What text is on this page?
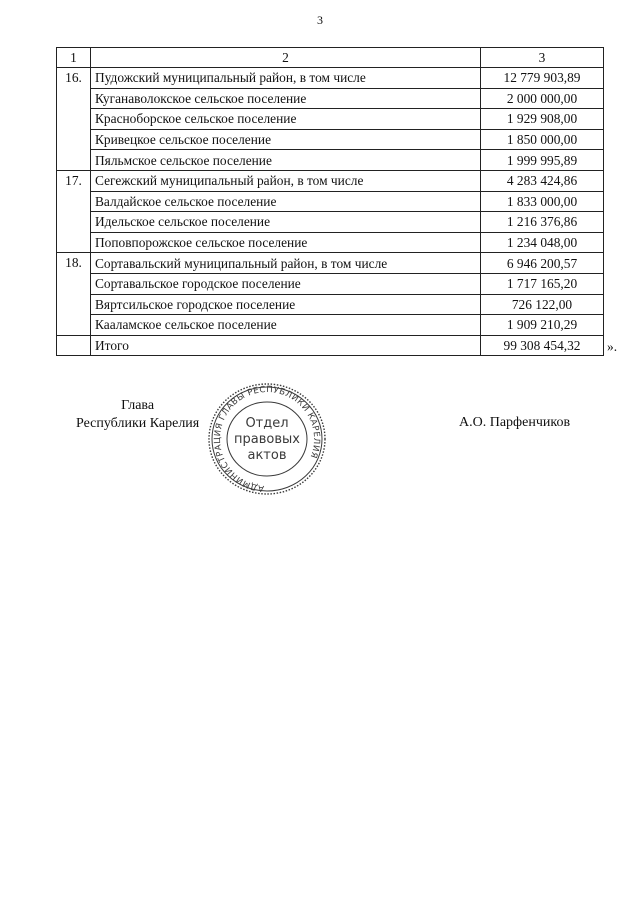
3
1	2	3
16.	Пудожский муниципальный район, в том числе	12 779 903,89
	Куганаволокское сельское поселение	2 000 000,00
	Красноборское сельское поселение	1 929 908,00
	Кривецкое сельское поселение	1 850 000,00
	Пяльмское сельское поселение	1 999 995,89
17.	Сегежский муниципальный район, в том числе	4 283 424,86
	Валдайское сельское поселение	1 833 000,00
	Идельское сельское поселение	1 216 376,86
	Поповпорожское сельское поселение	1 234 048,00
18.	Сортавальский муниципальный район, в том числе	6 946 200,57
	Сортавальское городское поселение	1 717 165,20
	Вяртсильское городское поселение	726 122,00
	Кааламское сельское поселение	1 909 210,29
	Итого	99 308 454,32 ».
Глава
Республики Карелия
АДМИНИСТРАЦИЯ ГЛАВЫ РЕСПУБЛИКИ КАРЕЛИЯ
Отдел
правовых
актов
А.О. Парфенчиков
